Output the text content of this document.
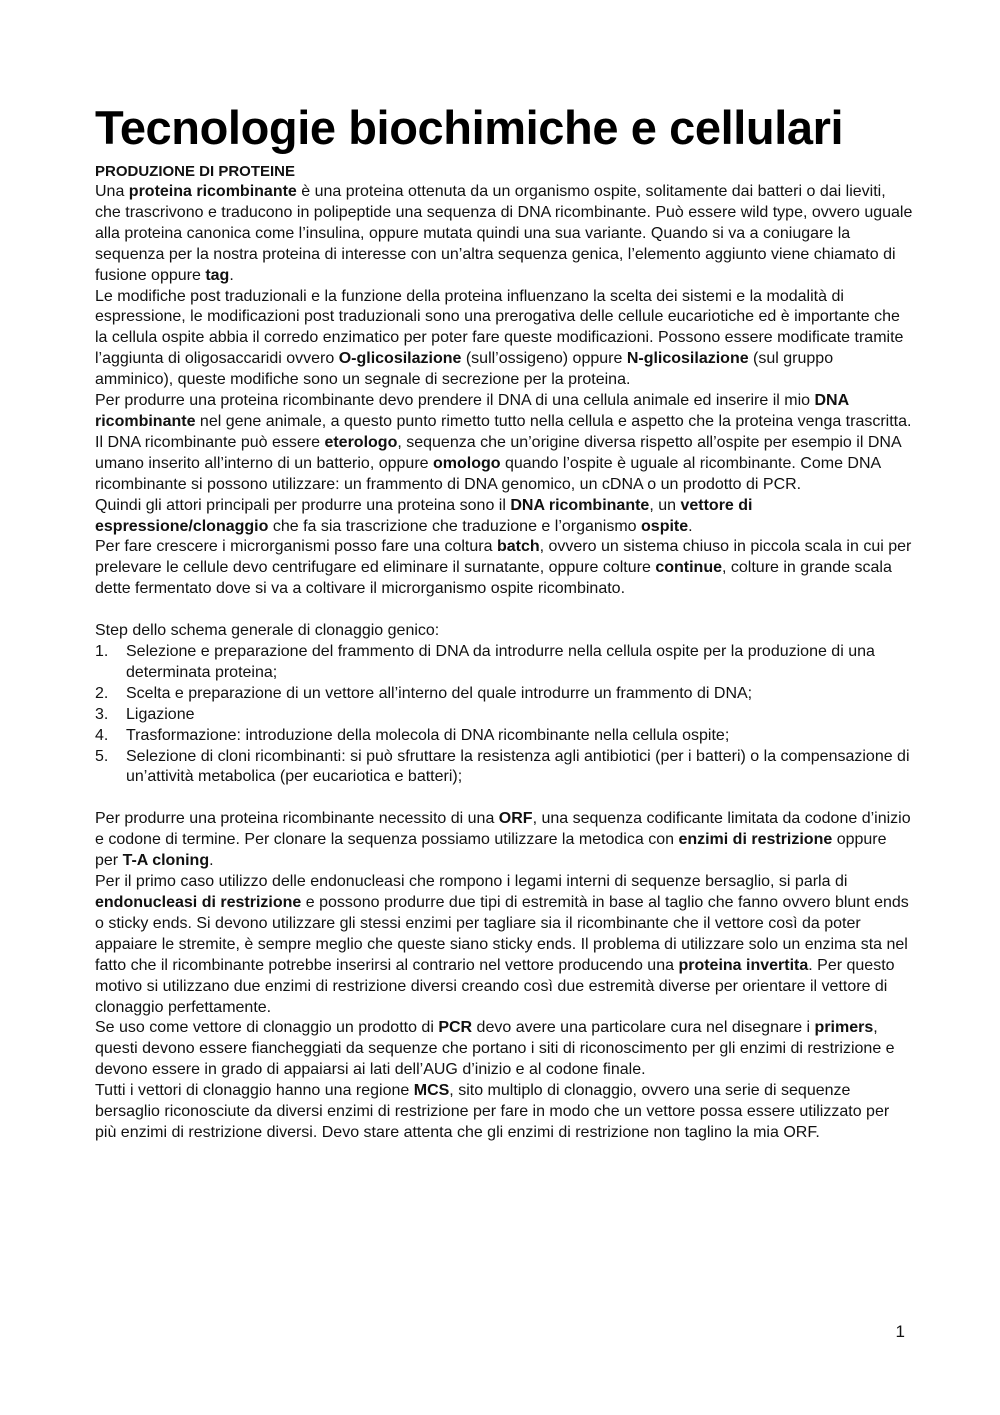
Tecnologie biochimiche e cellulari
PRODUZIONE DI PROTEINE

Una proteina ricombinante è una proteina ottenuta da un organismo ospite, solitamente dai batteri o dai lieviti, che trascrivono e traducono in polipeptide una sequenza di DNA ricombinante. Può essere wild type, ovvero uguale alla proteina canonica come l’insulina, oppure mutata quindi una sua variante. Quando si va a coniugare la sequenza per la nostra proteina di interesse con un’altra sequenza genica, l’elemento aggiunto viene chiamato di fusione oppure tag.

Le modifiche post traduzionali e la funzione della proteina influenzano la scelta dei sistemi e la modalità di espressione, le modificazioni post traduzionali sono una prerogativa delle cellule eucariotiche ed è importante che la cellula ospite abbia il corredo enzimatico per poter fare queste modificazioni. Possono essere modificate tramite l’aggiunta di oligosaccaridi ovvero O-glicosilazione (sull’ossigeno) oppure N-glicosilazione (sul gruppo amminico), queste modifiche sono un segnale di secrezione per la proteina.

Per produrre una proteina ricombinante devo prendere il DNA di una cellula animale ed inserire il mio DNA ricombinante nel gene animale, a questo punto rimetto tutto nella cellula e aspetto che la proteina venga trascritta. Il DNA ricombinante può essere eterologo, sequenza che un’origine diversa rispetto all’ospite per esempio il DNA umano inserito all’interno di un batterio, oppure omologo quando l’ospite è uguale al ricombinante. Come DNA ricombinante si possono utilizzare: un frammento di DNA genomico, un cDNA o un prodotto di PCR.

Quindi gli attori principali per produrre una proteina sono il DNA ricombinante, un vettore di espressione/clonaggio che fa sia trascrizione che traduzione e l’organismo ospite.

Per fare crescere i microrganismi posso fare una coltura batch, ovvero un sistema chiuso in piccola scala in cui per prelevare le cellule devo centrifugare ed eliminare il surnatante, oppure colture continue, colture in grande scala dette fermentato dove si va a coltivare il microrganismo ospite ricombinato.

Step dello schema generale di clonaggio genico:

1.	Selezione e preparazione del frammento di DNA da introdurre nella cellula ospite per la produzione di una determinata proteina;
2.	Scelta e preparazione di un vettore all’interno del quale introdurre un frammento di DNA;
3.	Ligazione
4.	Trasformazione: introduzione della molecola di DNA ricombinante nella cellula ospite;
5.	Selezione di cloni ricombinanti: si può sfruttare la resistenza agli antibiotici (per i batteri) o la compensazione di un’attività metabolica (per eucariotica e batteri);

Per produrre una proteina ricombinante necessito di una ORF, una sequenza codificante limitata da codone d’inizio e codone di termine. Per clonare la sequenza possiamo utilizzare la metodica con enzimi di restrizione oppure per T-A cloning.

Per il primo caso utilizzo delle endonucleasi che rompono i legami interni di sequenze bersaglio, si parla di endonucleasi di restrizione e possono produrre due tipi di estremità in base al taglio che fanno ovvero blunt ends o sticky ends. Si devono utilizzare gli stessi enzimi per tagliare sia il ricombinante che il vettore così da poter appaiare le stremite, è sempre meglio che queste siano sticky ends. Il problema di utilizzare solo un enzima sta nel fatto che il ricombinante potrebbe inserirsi al contrario nel vettore producendo una proteina invertita. Per questo motivo si utilizzano due enzimi di restrizione diversi creando così due estremità diverse per orientare il vettore di clonaggio perfettamente.

Se uso come vettore di clonaggio un prodotto di PCR devo avere una particolare cura nel disegnare i primers, questi devono essere fiancheggiati da sequenze che portano i siti di riconoscimento per gli enzimi di restrizione e devono essere in grado di appaiarsi ai lati dell’AUG d’inizio e al codone finale.

Tutti i vettori di clonaggio hanno una regione MCS, sito multiplo di clonaggio, ovvero una serie di sequenze bersaglio riconosciute da diversi enzimi di restrizione per fare in modo che un vettore possa essere utilizzato per più enzimi di restrizione diversi. Devo stare attenta che gli enzimi di restrizione non taglino la mia ORF.

1
